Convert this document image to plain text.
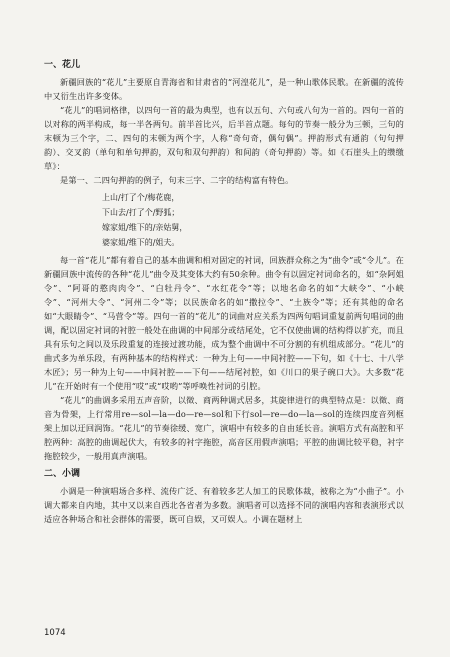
一、花儿

新疆回族的“花儿”主要原自青海省和甘肃省的“河湟花儿”，是一种山歌体民歌。在新疆的流传中又衍生出许多变体。

“花儿”的唱词格律，以四句一首的最为典型，也有以五句、六句或八句为一首的。四句一首的以对称的两半构成，每一半各两句。前半首比兴，后半首点题。每句的节奏一般分为三顿，三句的末顿为三个字，二、四句的末顿为两个字，人称“奇句奇，偶句偶”。押韵形式有通韵（句句押韵）、交叉韵（单句和单句押韵，双句和双句押韵）和间韵（奇句押韵）等。如《石崖头上的缵缴草》：

是第一、二四句押韵的例子，句末三字、二字的结构富有特色。

上山/打了个/梅花鹿，
下山去/打了个/野狐；
嫁家姐/维下的/亲姑舅，
婆家姐/维下的/姐夫。

每一首“花儿”都有着自己的基本曲调和相对固定的衬词，回族群众称之为“曲令”或“令儿”。在新疆回族中流传的各种“花儿”曲令及其变体大约有50余种。曲令有以固定衬词命名的，如“杂阿姐令”、“阿哥的憨肉肉令”、“白牡丹令”、“水红花令”等；以地名命名的如“大峡令”、“小峡令”、“河州大令”、“河州二令”等；以民族命名的如“撒拉令”、“土族令”等；还有其他的命名如“大眼睛令”、“马营令”等。四句一首的“花儿”的词曲对应关系为四两句唱词重复前两句唱词的曲调，配以固定衬词的衬腔一般处在曲调的中间部分或结尾处，它不仅使曲调的结构得以扩充，而且具有乐句之间以及乐段重复的连接过渡功能，成为整个曲调中不可分割的有机组成部分。“花儿”的曲式多为单乐段，有两种基本的结构样式：一种为上句——中间衬腔——下句，如《十七、十八学木匠》；另一种为上句——中间衬腔——下句——结尾衬腔，如《川口的果子碗口大》。大多数“花儿”在开始时有一个使用“哎”或“哎哟”等呼唤性衬词的引腔。

“花儿”的曲调多采用五声音阶，以徵、商两种调式居多，其旋律进行的典型特点是：以徵、商音为骨架，上行常用re—sol—la—do—re—sol和下行sol—re—do—la—sol的连续四度音列框架上加以迂回润饰。“花儿”的节奏徐缓、宽广，演唱中有较多的自由延长音。演唱方式有高腔和平腔两种：高腔的曲调起伏大，有较多的衬字拖腔，高音区用假声演唱；平腔的曲调比较平稳，衬字拖腔较少，一般用真声演唱。

二、小调

小调是一种演唱场合多样、流传广泛、有着较多艺人加工的民歌体裁，被称之为“小曲子”。小调大都来自内地，其中又以来自西北各省者为多数。演唱者可以选择不同的演唱内容和表演形式以适应各种场合和社会群体的需要，既可自娱，又可娱人。小调在题材上

1074
